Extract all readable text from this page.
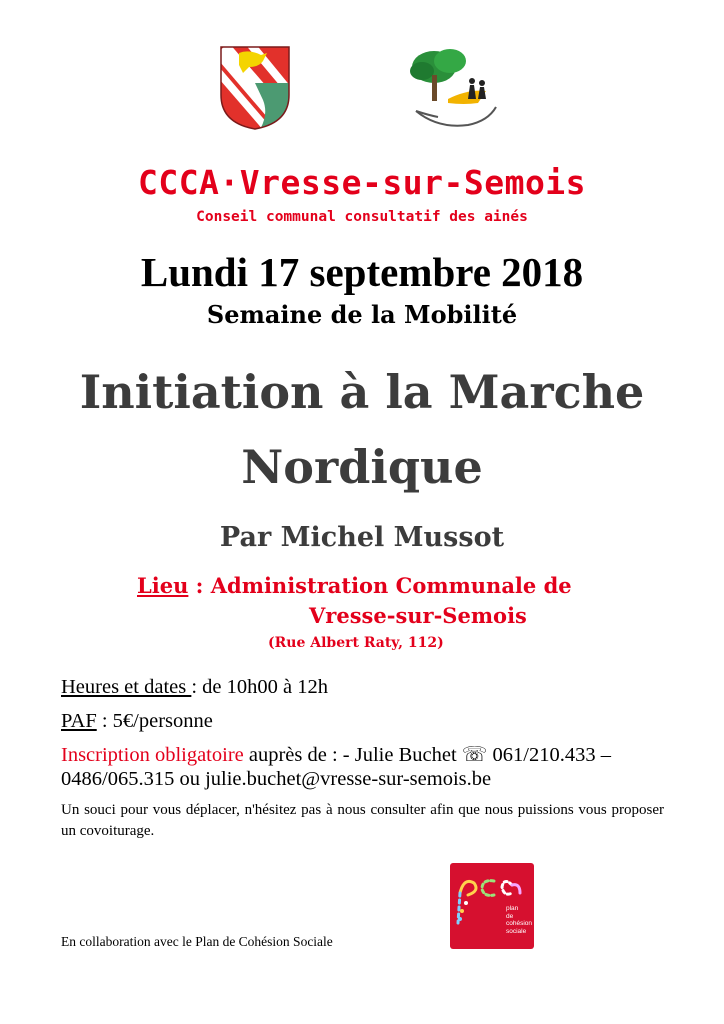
CCCA·Vresse-sur-Semois
Conseil communal consultatif des ainés
Lundi 17 septembre 2018
Semaine de la Mobilité
Initiation à la Marche
Nordique
Par Michel Mussot
Lieu : Administration Communale de
Vresse-sur-Semois
(Rue Albert Raty, 112)
Heures et dates : de 10h00 à 12h
PAF : 5€/personne
Inscription obligatoire auprès de : - Julie Buchet ☏ 061/210.433 –
0486/065.315 ou julie.buchet@vresse-sur-semois.be
Un souci pour vous déplacer, n'hésitez pas à nous consulter afin que nous puissions vous proposer un covoiturage.
plan
de
cohésion
sociale
En collaboration avec le Plan de Cohésion Sociale
